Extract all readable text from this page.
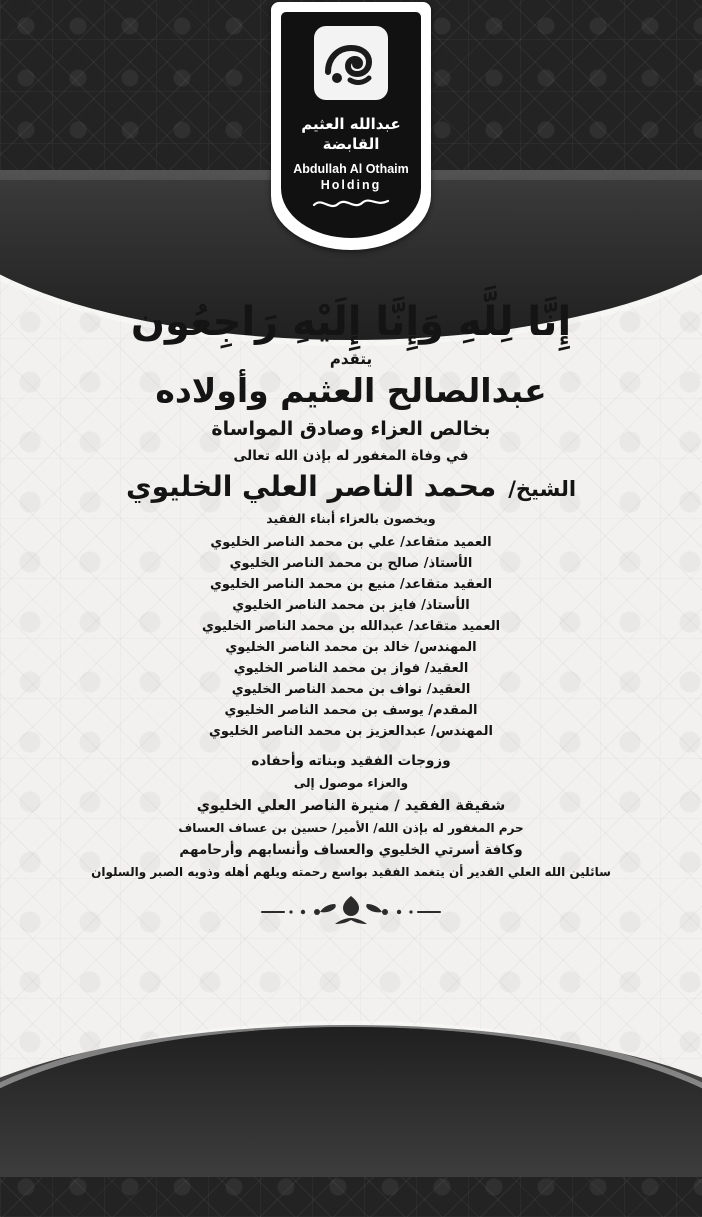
عبدالله العثيم
القابضة
Abdullah Al Othaim
Holding
إِنَّا لِلَّهِ وَإِنَّا إِلَيْهِ رَاجِعُون
يتقدم
عبدالصالح العثيم وأولاده
بخالص العزاء وصادق المواساة
في وفاة المغفور له بإذن الله تعالى
الشيخ/
محمد الناصر العلي الخليوي
ويخصون بالعزاء أبناء الفقيد
العميد متقاعد/ علي بن محمد الناصر الخليوي
الأستاذ/ صالح بن محمد الناصر الخليوي
العقيد متقاعد/ منيع بن محمد الناصر الخليوي
الأستاذ/ فايز بن محمد الناصر الخليوي
العميد متقاعد/ عبدالله بن محمد الناصر الخليوي
المهندس/ خالد بن محمد الناصر الخليوي
العقيد/ فواز بن محمد الناصر الخليوي
العقيد/ نواف بن محمد الناصر الخليوي
المقدم/ يوسف بن محمد الناصر الخليوي
المهندس/ عبدالعزيز بن محمد الناصر الخليوي
وزوجات الفقيد وبناته وأحفاده
والعزاء موصول إلى
شقيقة الفقيد / منيرة الناصر العلي الخليوي
حرم المغفور له بإذن الله/ الأمير/ حسين بن عساف العساف
وكافة أسرتي الخليوي والعساف وأنسابهم وأرحامهم
سائلين الله العلي القدير أن يتغمد الفقيد بواسع رحمته ويلهم أهله وذويه الصبر والسلوان
